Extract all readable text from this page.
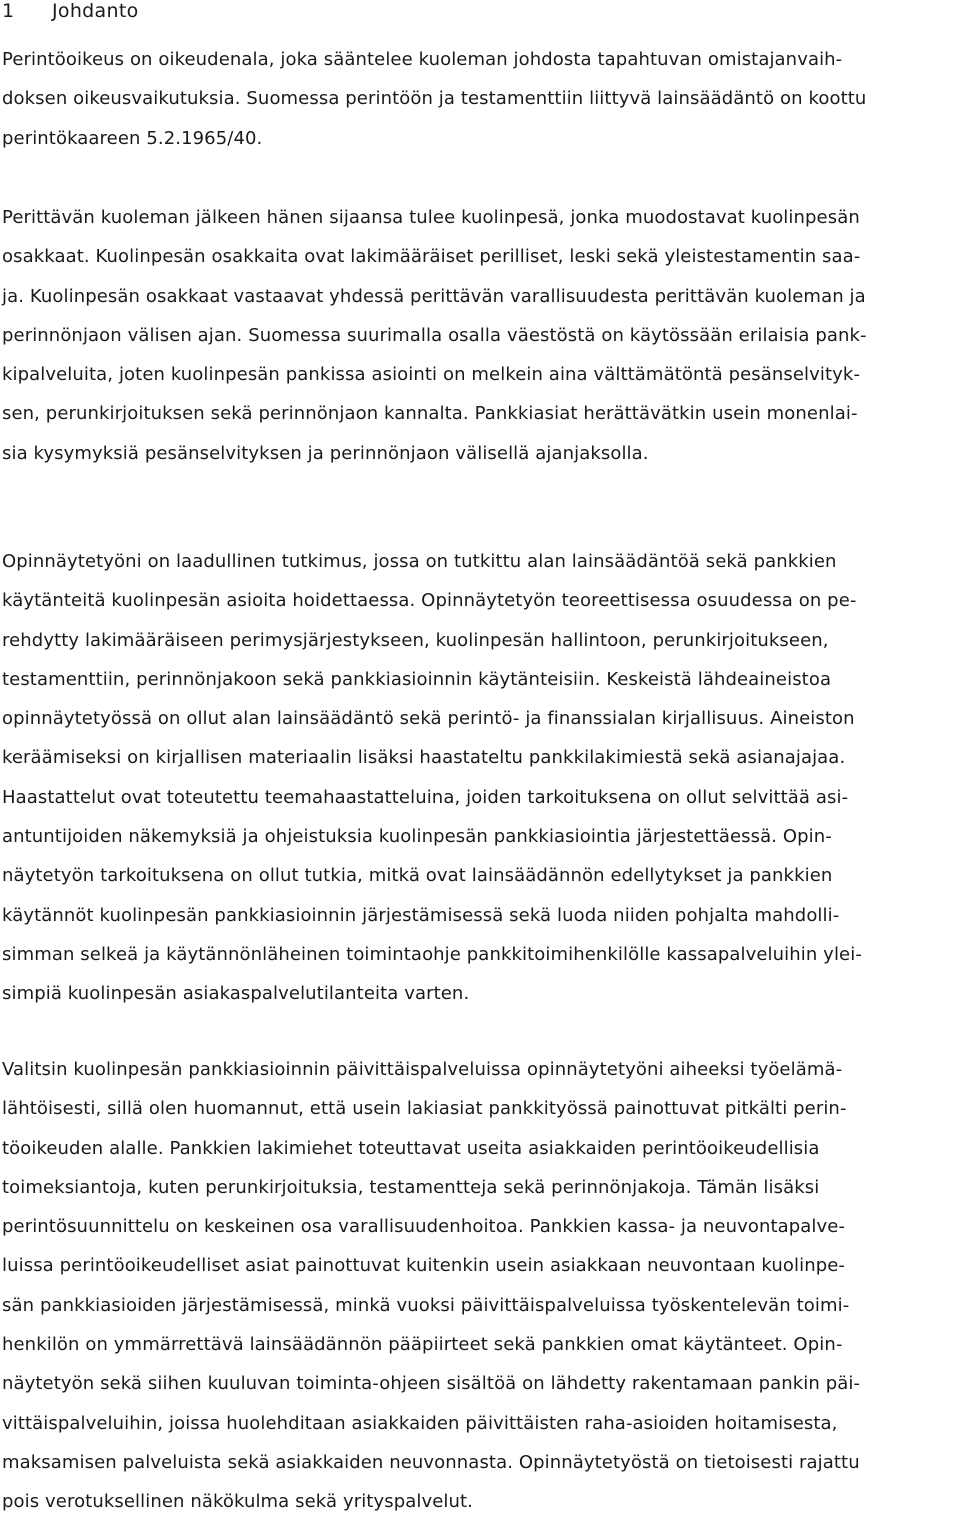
1 Johdanto

Perintöoikeus on oikeudenala, joka sääntelee kuoleman johdosta tapahtuvan omistajanvaih-
doksen oikeusvaikutuksia. Suomessa perintöön ja testamenttiin liittyvä lainsäädäntö on koottu
perintökaareen 5.2.1965/40.

Perittävän kuoleman jälkeen hänen sijaansa tulee kuolinpesä, jonka muodostavat kuolinpesän
osakkaat. Kuolinpesän osakkaita ovat lakimääräiset perilliset, leski sekä yleistestamentin saa-
ja. Kuolinpesän osakkaat vastaavat yhdessä perittävän varallisuudesta perittävän kuoleman ja
perinnönjaon välisen ajan. Suomessa suurimalla osalla väestöstä on käytössään erilaisia pank-
kipalveluita, joten kuolinpesän pankissa asiointi on melkein aina välttämätöntä pesänselvityk-
sen, perunkirjoituksen sekä perinnönjaon kannalta. Pankkiasiat herättävätkin usein monenlai-
sia kysymyksiä pesänselvityksen ja perinnönjaon välisellä ajanjaksolla.

Opinnäytetyöni on laadullinen tutkimus, jossa on tutkittu alan lainsäädäntöä sekä pankkien
käytänteitä kuolinpesän asioita hoidettaessa. Opinnäytetyön teoreettisessa osuudessa on pe-
rehdytty lakimääräiseen perimysjärjestykseen, kuolinpesän hallintoon, perunkirjoitukseen,
testamenttiin, perinnönjakoon sekä pankkiasioinnin käytänteisiin. Keskeistä lähdeaineistoa
opinnäytetyössä on ollut alan lainsäädäntö sekä perintö- ja finanssialan kirjallisuus. Aineiston
keräämiseksi on kirjallisen materiaalin lisäksi haastateltu pankkilakimiestä sekä asianajajaa.
Haastattelut ovat toteutettu teemahaastatteluina, joiden tarkoituksena on ollut selvittää asi-
antuntijoiden näkemyksiä ja ohjeistuksia kuolinpesän pankkiasiointia järjestettäessä. Opin-
näytetyön tarkoituksena on ollut tutkia, mitkä ovat lainsäädännön edellytykset ja pankkien
käytännöt kuolinpesän pankkiasioinnin järjestämisessä sekä luoda niiden pohjalta mahdolli-
simman selkeä ja käytännönläheinen toimintaohje pankkitoimihenkilölle kassapalveluihin ylei-
simpiä kuolinpesän asiakaspalvelutilanteita varten.

Valitsin kuolinpesän pankkiasioinnin päivittäispalveluissa opinnäytetyöni aiheeksi työelämä-
lähtöisesti, sillä olen huomannut, että usein lakiasiat pankkityössä painottuvat pitkälti perin-
töoikeuden alalle. Pankkien lakimiehet toteuttavat useita asiakkaiden perintöoikeudellisia
toimeksiantoja, kuten perunkirjoituksia, testamentteja sekä perinnönjakoja. Tämän lisäksi
perintösuunnittelu on keskeinen osa varallisuudenhoitoa. Pankkien kassa- ja neuvontapalve-
luissa perintöoikeudelliset asiat painottuvat kuitenkin usein asiakkaan neuvontaan kuolinpe-
sän pankkiasioiden järjestämisessä, minkä vuoksi päivittäispalveluissa työskentelevän toimi-
henkilön on ymmärrettävä lainsäädännön pääpiirteet sekä pankkien omat käytänteet. Opin-
näytetyön sekä siihen kuuluvan toiminta-ohjeen sisältöä on lähdetty rakentamaan pankin päi-
vittäispalveluihin, joissa huolehditaan asiakkaiden päivittäisten raha-asioiden hoitamisesta,
maksamisen palveluista sekä asiakkaiden neuvonnasta. Opinnäytetyöstä on tietoisesti rajattu
pois verotuksellinen näkökulma sekä yrityspalvelut.
